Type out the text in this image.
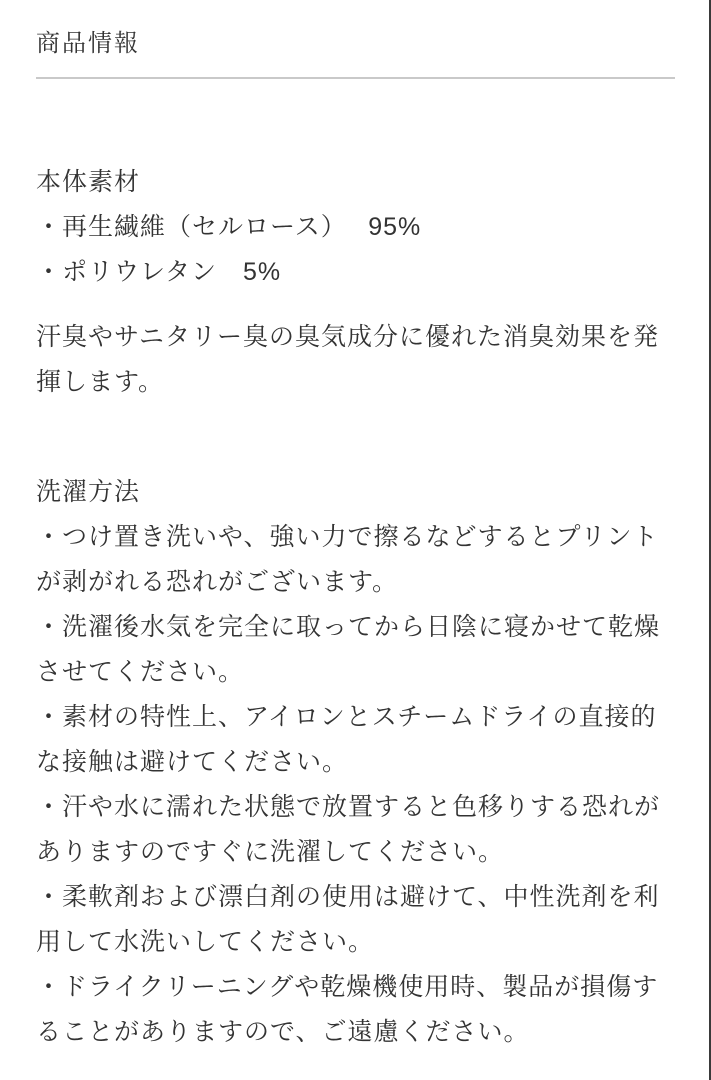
商品情報
本体素材
・再生繊維（セルロース）　 95%
・ポリウレタン　5%
汗臭やサニタリー臭の臭気成分に優れた消臭効果を発
揮します。
洗濯方法
・つけ置き洗いや、強い力で擦るなどするとプリント
が剥がれる恐れがございます。
・洗濯後水気を完全に取ってから日陰に寝かせて乾燥
させてください。
・素材の特性上、アイロンとスチームドライの直接的
な接触は避けてください。
・汗や水に濡れた状態で放置すると色移りする恐れが
ありますのですぐに洗濯してください。
・柔軟剤および漂白剤の使用は避けて、中性洗剤を利
用して水洗いしてください。
・ドライクリーニングや乾燥機使用時、製品が損傷す
ることがありますので、ご遠慮ください。
